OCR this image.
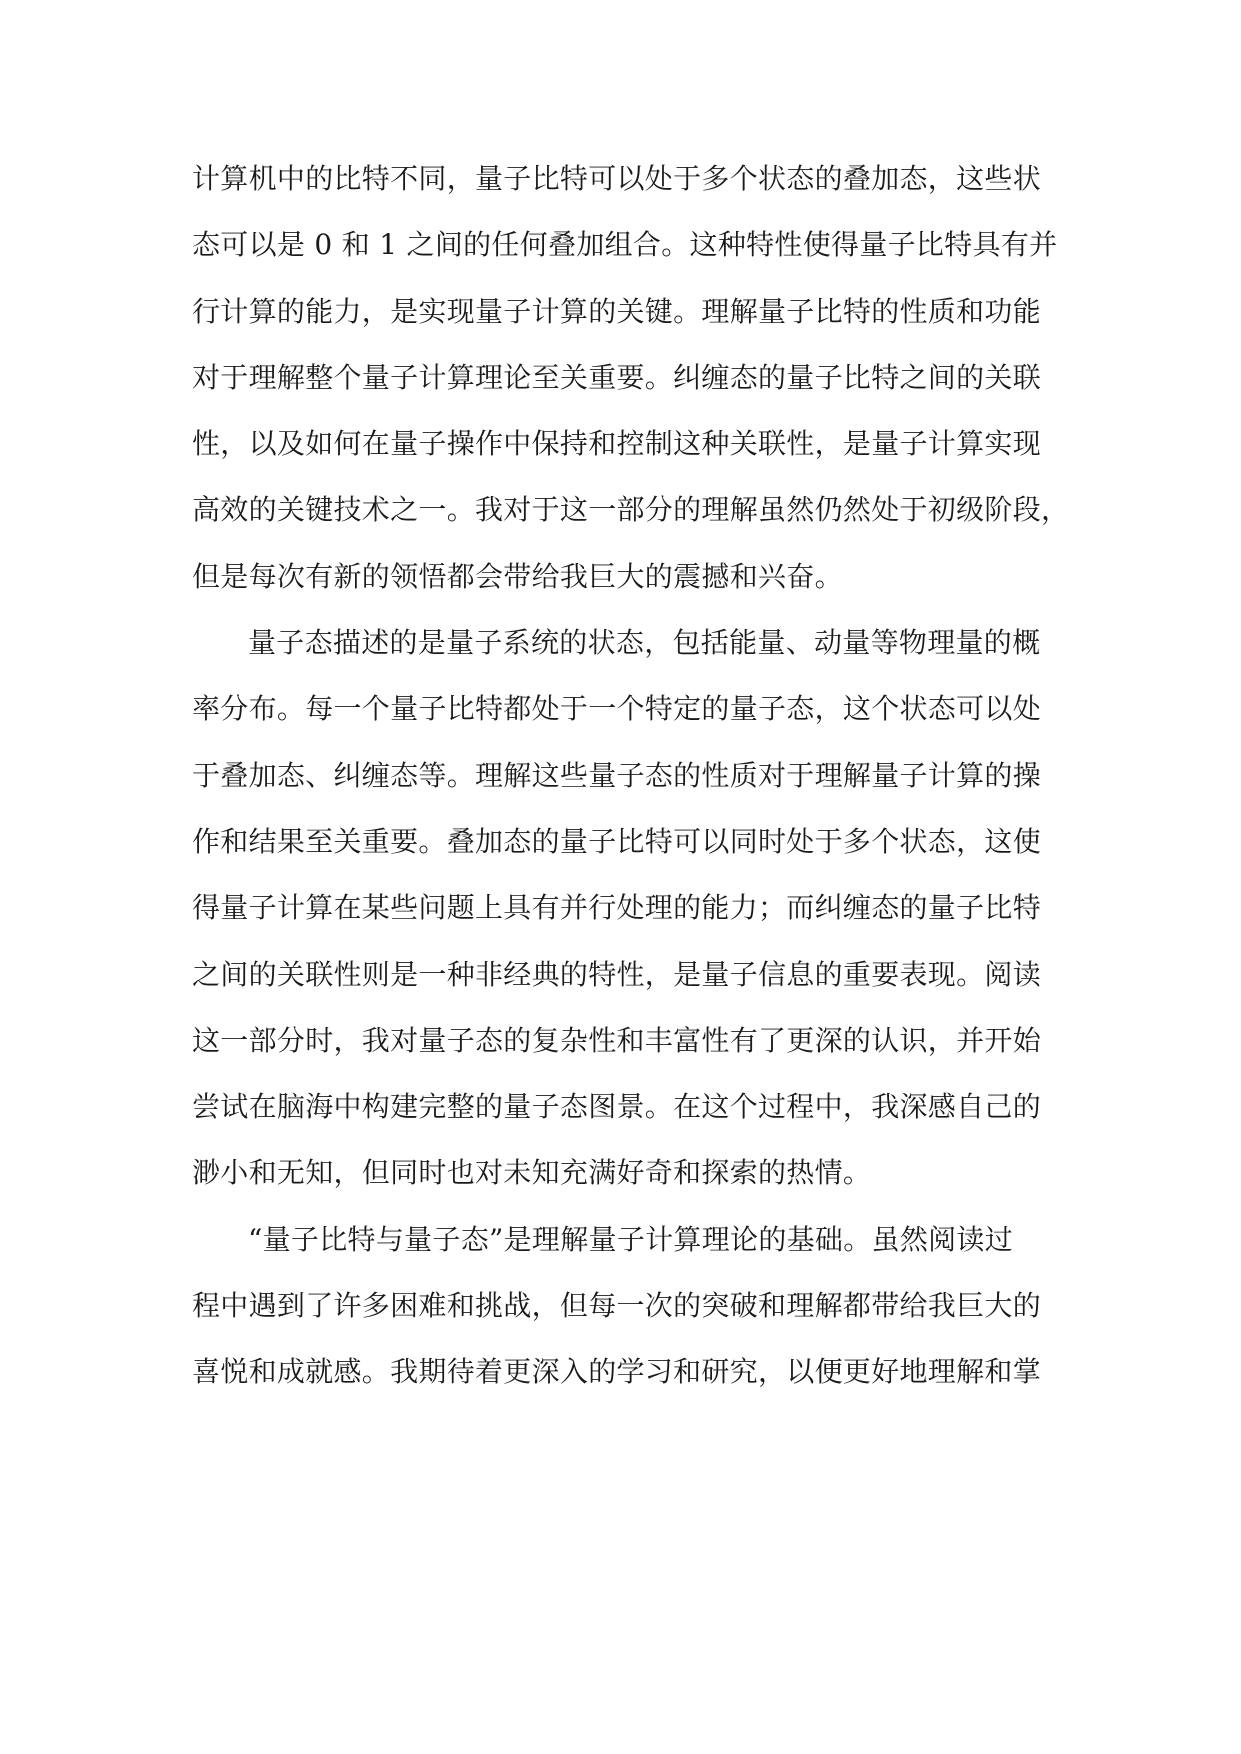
计算机中的比特不同，量子比特可以处于多个状态的叠加态，这些状
态可以是 0 和 1 之间的任何叠加组合。这种特性使得量子比特具有并
行计算的能力，是实现量子计算的关键。理解量子比特的性质和功能
对于理解整个量子计算理论至关重要。纠缠态的量子比特之间的关联
性，以及如何在量子操作中保持和控制这种关联性，是量子计算实现
高效的关键技术之一。我对于这一部分的理解虽然仍然处于初级阶段，
但是每次有新的领悟都会带给我巨大的震撼和兴奋。
量子态描述的是量子系统的状态，包括能量、动量等物理量的概
率分布。每一个量子比特都处于一个特定的量子态，这个状态可以处
于叠加态、纠缠态等。理解这些量子态的性质对于理解量子计算的操
作和结果至关重要。叠加态的量子比特可以同时处于多个状态，这使
得量子计算在某些问题上具有并行处理的能力；而纠缠态的量子比特
之间的关联性则是一种非经典的特性，是量子信息的重要表现。阅读
这一部分时，我对量子态的复杂性和丰富性有了更深的认识，并开始
尝试在脑海中构建完整的量子态图景。在这个过程中，我深感自己的
渺小和无知，但同时也对未知充满好奇和探索的热情。
“量子比特与量子态”是理解量子计算理论的基础。虽然阅读过
程中遇到了许多困难和挑战，但每一次的突破和理解都带给我巨大的
喜悦和成就感。我期待着更深入的学习和研究，以便更好地理解和掌
